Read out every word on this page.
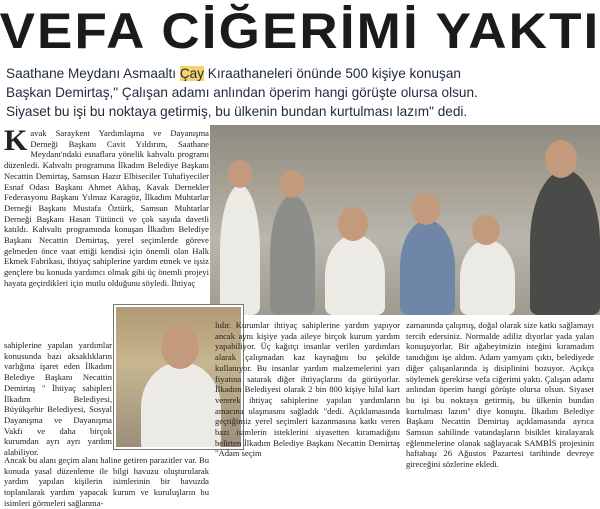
VEFA CİĞERİMİ YAKTI

Saathane Meydanı Asmaaltı Çay Kıraathaneleri önünde 500 kişiye konuşan

Başkan Demirtaş," Çalışan adamı anlından öperim hangi görüşte olursa olsun.

Siyaset bu işi bu noktaya getirmiş, bu ülkenin bundan kurtulması lazım" dedi.

K avak Saraykent Yardımlaşma ve Dayanışma Derneği Başkanı Cavit Yıldırım, Saathane Meydanı'ndaki esnaflara yönelik kahvaltı programı düzenledi. Kahvaltı programına İlkadım Belediye Başkanı Necattin Demirtaş, Samsun Hazır Elbiseciler Tuhafiyeciler Esnaf Odası Başkanı Ahmet Akbaş, Kavak Dernekler Federasyonu Başkanı Yılmaz Karagöz, İlkadım Muhtarlar Derneği Başkanı Mustafa Öztürk, Samsun Muhtarlar Derneği Başkanı Hasan Tütüncü ve çok sayıda davetli katıldı. Kahvaltı programında konuşan İlkadım Belediye Başkanı Necattin Demirtaş, yerel seçimlerde göreve gelmeden önce vaat ettiği kendisi için önemli olan Halk Ekmek Fabrikası, ihtiyaç sahiplerine yardım etmek ve işsiz gençlere bu konuda yardımcı olmak gibi üç önemli projeyi hayata geçirdikleri için mutlu olduğunu söyledi. İhtiyaç

sahiplerine yapılan yardımlar konusunda bazı aksaklıkların varlığına işaret eden İlkadım Belediye Başkanı Necattin Demirtaş " İhtiyaç sahipleri İlkadım Belediyesi, Büyükşehir Belediyesi, Sosyal Dayanışma ve Dayanışma Vakfı ve daha birçok kurumdan ayrı ayrı yardım alabiliyor.

Ancak bu alanı geçim alanı haline getiren parazitler var. Bu konuda yasal düzenleme ile bilgi havuzu oluşturularak yardım yapılan kişilerin isimlerinin bir havuzda toplanılarak yardım yapacak kurum ve kuruluşların bu isimleri görmeleri sağlanma-

lıdır. Kurumlar ihtiyaç sahiplerine yardım yapıyor ancak aynı kişiye yada aileye birçok kurum yardım yapabiliyor. Üç kağıtçı insanlar verilen yardımları alarak çalışmadan kaz kaynağını bu şekilde kullanıyor. Bu insanlar yardım malzemelerini yarı fiyatına satarak diğer ihtiyaçlarını da görüyorlar. İlkadım Belediyesi olarak 2 bin 800 kişiye hilal kart vererek ihtiyaç sahiplerine yapılan yardımların amacına ulaşmasını sağladık "dedi. Açıklamasında geçtiğimiz yerel seçimleri kazanmasına katkı veren bazı isimlerin isteklerini siyasetten kıramadığını belirten İlkadım Belediye Başkanı Necattin Demirtaş "Adam seçim

zamanında çalışmış, doğal olarak size katkı sağlamayı tercih edersiniz. Normalde adiliz diyorlar yada yalan konuşuyorlar. Bir ağabeyimizin isteğini kıramadım tanıdığını işe aldım. Adam yamyam çıktı, belediyede diğer çalışanlarında iş disiplinini bozuyor. Açıkça söylemek gerekirse vefa ciğerimi yaktı. Çalışan adamı anlından öperim hangi görüşte olursa olsun. Siyaset bu işi bu noktaya getirmiş, bu ülkenin bundan kurtulması lazım" diye konuştu. İlkadım Belediye Başkanı Necattin Demirtaş açıklamasında ayrıca Samsun sahilinde vatandaşların bisiklet kiralayarak eğlenmelerine olanak sağlayacak SAMBİS projesinin haftabaşı 26 Ağustos Pazartesi tarihinde devreye gireceğini sözlerine ekledi.
